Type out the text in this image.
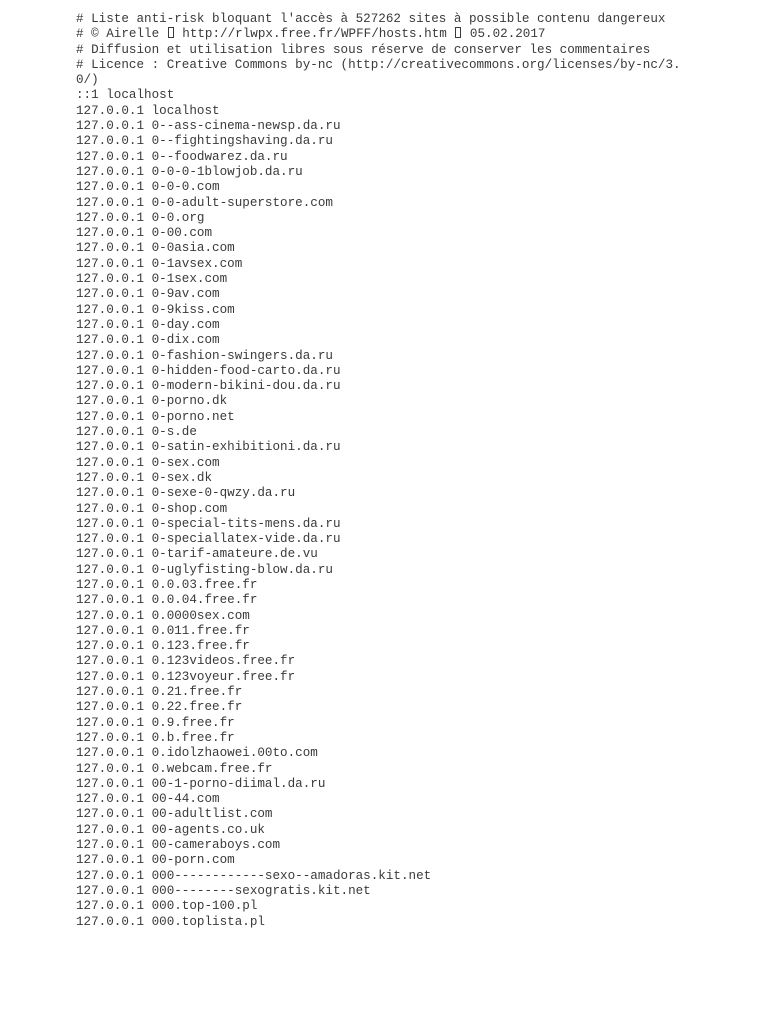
# Liste anti-risk bloquant l'accès à 527262 sites à possible contenu dangereux
# © Airelle  http://rlwpx.free.fr/WPFF/hosts.htm  05.02.2017
# Diffusion et utilisation libres sous réserve de conserver les commentaires
# Licence : Creative Commons by-nc (http://creativecommons.org/licenses/by-nc/3.
0/)
::1 localhost
127.0.0.1 localhost
127.0.0.1 0--ass-cinema-newsp.da.ru
127.0.0.1 0--fightingshaving.da.ru
127.0.0.1 0--foodwarez.da.ru
127.0.0.1 0-0-0-1blowjob.da.ru
127.0.0.1 0-0-0.com
127.0.0.1 0-0-adult-superstore.com
127.0.0.1 0-0.org
127.0.0.1 0-00.com
127.0.0.1 0-0asia.com
127.0.0.1 0-1avsex.com
127.0.0.1 0-1sex.com
127.0.0.1 0-9av.com
127.0.0.1 0-9kiss.com
127.0.0.1 0-day.com
127.0.0.1 0-dix.com
127.0.0.1 0-fashion-swingers.da.ru
127.0.0.1 0-hidden-food-carto.da.ru
127.0.0.1 0-modern-bikini-dou.da.ru
127.0.0.1 0-porno.dk
127.0.0.1 0-porno.net
127.0.0.1 0-s.de
127.0.0.1 0-satin-exhibitioni.da.ru
127.0.0.1 0-sex.com
127.0.0.1 0-sex.dk
127.0.0.1 0-sexe-0-qwzy.da.ru
127.0.0.1 0-shop.com
127.0.0.1 0-special-tits-mens.da.ru
127.0.0.1 0-speciallatex-vide.da.ru
127.0.0.1 0-tarif-amateure.de.vu
127.0.0.1 0-uglyfisting-blow.da.ru
127.0.0.1 0.0.03.free.fr
127.0.0.1 0.0.04.free.fr
127.0.0.1 0.0000sex.com
127.0.0.1 0.011.free.fr
127.0.0.1 0.123.free.fr
127.0.0.1 0.123videos.free.fr
127.0.0.1 0.123voyeur.free.fr
127.0.0.1 0.21.free.fr
127.0.0.1 0.22.free.fr
127.0.0.1 0.9.free.fr
127.0.0.1 0.b.free.fr
127.0.0.1 0.idolzhaowei.00to.com
127.0.0.1 0.webcam.free.fr
127.0.0.1 00-1-porno-diimal.da.ru
127.0.0.1 00-44.com
127.0.0.1 00-adultlist.com
127.0.0.1 00-agents.co.uk
127.0.0.1 00-cameraboys.com
127.0.0.1 00-porn.com
127.0.0.1 000------------sexo--amadoras.kit.net
127.0.0.1 000--------sexogratis.kit.net
127.0.0.1 000.top-100.pl
127.0.0.1 000.toplista.pl
